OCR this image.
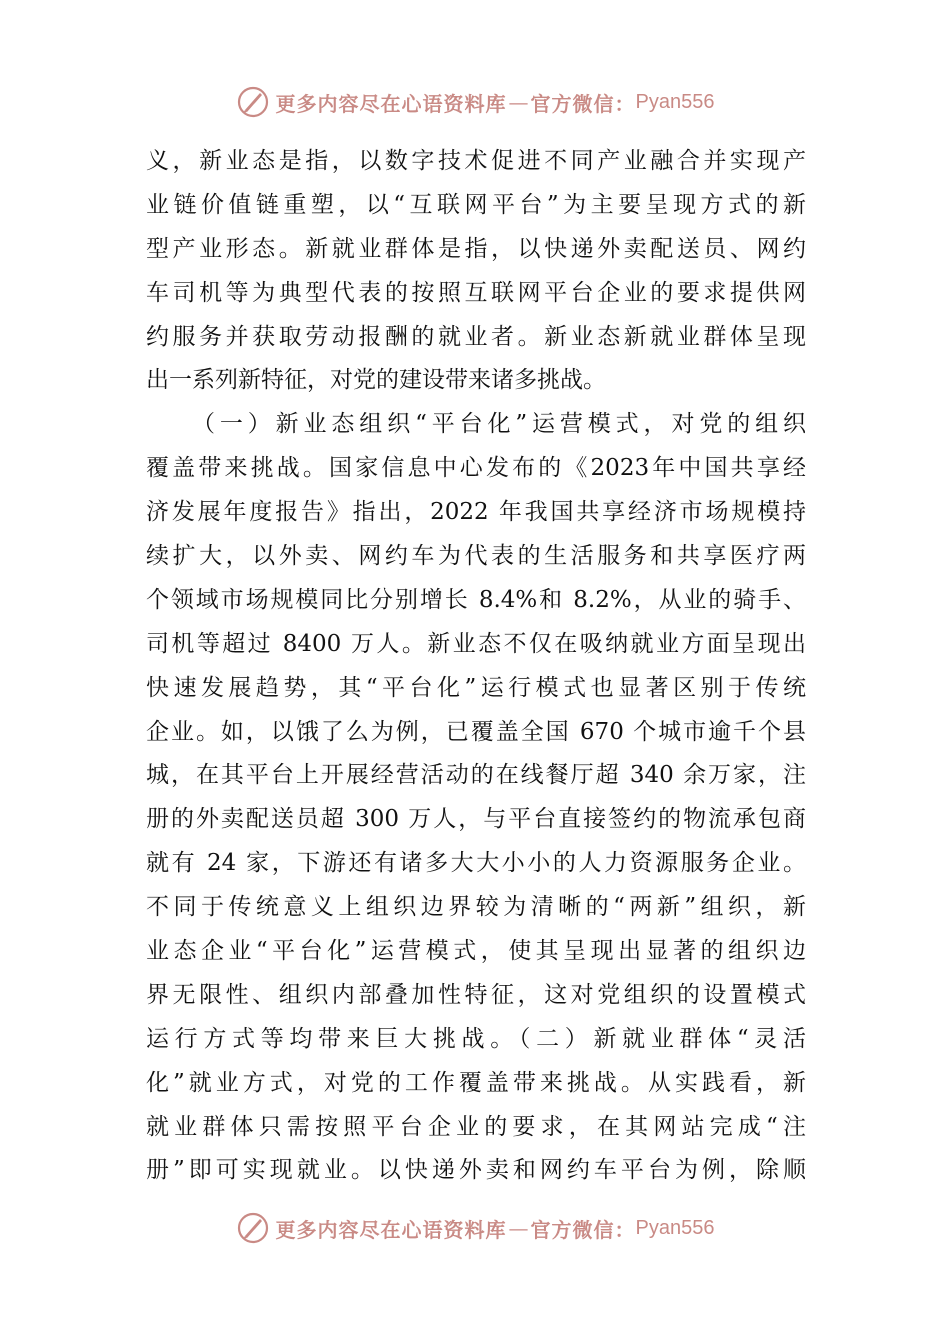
更多内容尽在心语资料库 — 官方微信： Pyan556
义，新业态是指，以数字技术促进不同产业融合并实现产
业链价值链重塑，以“互联网平台”为主要呈现方式的新
型产业形态。新就业群体是指，以快递外卖配送员、网约
车司机等为典型代表的按照互联网平台企业的要求提供网
约服务并获取劳动报酬的就业者。新业态新就业群体呈现
出一系列新特征，对党的建设带来诸多挑战。
（一）新业态组织“平台化”运营模式，对党的组织
覆盖带来挑战。国家信息中心发布的《2023年中国共享经
济发展年度报告》指出，2022 年我国共享经济市场规模持
续扩大，以外卖、网约车为代表的生活服务和共享医疗两
个领域市场规模同比分别增长 8.4%和 8.2%，从业的骑手、
司机等超过 8400 万人。新业态不仅在吸纳就业方面呈现出
快速发展趋势，其“平台化”运行模式也显著区别于传统
企业。如，以饿了么为例，已覆盖全国 670 个城市逾千个县
城，在其平台上开展经营活动的在线餐厅超 340 余万家，注
册的外卖配送员超 300 万人，与平台直接签约的物流承包商
就有 24 家，下游还有诸多大大小小的人力资源服务企业。
不同于传统意义上组织边界较为清晰的“两新”组织，新
业态企业“平台化”运营模式，使其呈现出显著的组织边
界无限性、组织内部叠加性特征，这对党组织的设置模式
运行方式等均带来巨大挑战。（二）新就业群体“灵活
化”就业方式，对党的工作覆盖带来挑战。从实践看，新
就业群体只需按照平台企业的要求，在其网站完成“注
册”即可实现就业。以快递外卖和网约车平台为例，除顺
更多内容尽在心语资料库 — 官方微信： Pyan556
